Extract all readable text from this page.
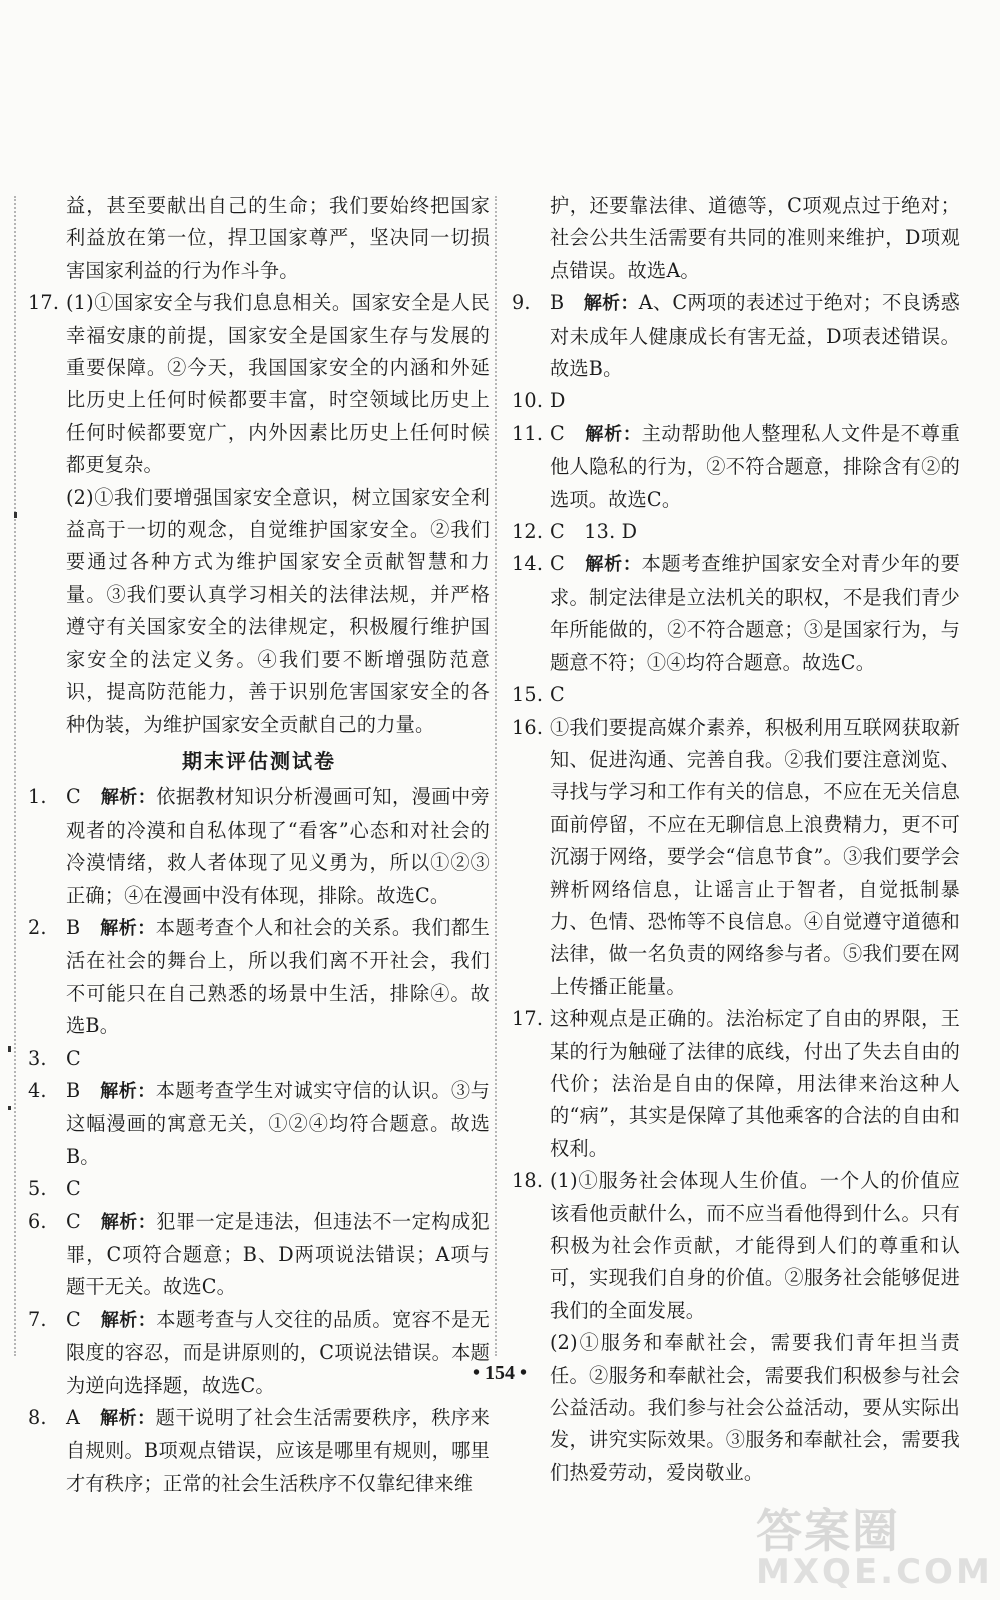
益，甚至要献出自己的生命；我们要始终把国家利益放在第一位，捍卫国家尊严，坚决同一切损害国家利益的行为作斗争。
17. (1)①国家安全与我们息息相关。国家安全是人民幸福安康的前提，国家安全是国家生存与发展的重要保障。②今天，我国国家安全的内涵和外延比历史上任何时候都要丰富，时空领域比历史上任何时候都要宽广，内外因素比历史上任何时候都更复杂。
(2)①我们要增强国家安全意识，树立国家安全利益高于一切的观念，自觉维护国家安全。②我们要通过各种方式为维护国家安全贡献智慧和力量。③我们要认真学习相关的法律法规，并严格遵守有关国家安全的法律规定，积极履行维护国家安全的法定义务。④我们要不断增强防范意识，提高防范能力，善于识别危害国家安全的各种伪装，为维护国家安全贡献自己的力量。
期末评估测试卷
1.	C　 解析：依据教材知识分析漫画可知，漫画中旁观者的冷漠和自私体现了“看客”心态和对社会的冷漠情绪，救人者体现了见义勇为，所以①②③正确；④在漫画中没有体现，排除。故选C。
2.	B　 解析：本题考查个人和社会的关系。我们都生活在社会的舞台上，所以我们离不开社会，我们不可能只在自己熟悉的场景中生活，排除④。故选B。
3.	C
4.	B　 解析：本题考查学生对诚实守信的认识。③与这幅漫画的寓意无关，①②④均符合题意。故选B。
5.	C
6.	C　 解析：犯罪一定是违法，但违法不一定构成犯罪，C项符合题意；B、D两项说法错误；A项与题干无关。故选C。
7.	C　 解析：本题考查与人交往的品质。宽容不是无限度的容忍，而是讲原则的，C项说法错误。本题为逆向选择题，故选C。
8.	A　 解析：题干说明了社会生活需要秩序，秩序来自规则。B项观点错误，应该是哪里有规则，哪里才有秩序；正常的社会生活秩序不仅靠纪律来维
护，还要靠法律、道德等，C项观点过于绝对；社会公共生活需要有共同的准则来维护，D项观点错误。故选A。
9.	B　 解析：A、C两项的表述过于绝对；不良诱惑对未成年人健康成长有害无益，D项表述错误。故选B。
10. D
11. C　 解析：主动帮助他人整理私人文件是不尊重他人隐私的行为，②不符合题意，排除含有②的选项。故选C。
12. C　13. D
14. C　 解析：本题考查维护国家安全对青少年的要求。制定法律是立法机关的职权，不是我们青少年所能做的，②不符合题意；③是国家行为，与题意不符；①④均符合题意。故选C。
15. C
16. ①我们要提高媒介素养，积极利用互联网获取新知、促进沟通、完善自我。②我们要注意浏览、寻找与学习和工作有关的信息，不应在无关信息面前停留，不应在无聊信息上浪费精力，更不可沉溺于网络，要学会“信息节食”。③我们要学会辨析网络信息，让谣言止于智者，自觉抵制暴力、色情、恐怖等不良信息。④自觉遵守道德和法律，做一名负责的网络参与者。⑤我们要在网上传播正能量。
17. 这种观点是正确的。法治标定了自由的界限，王某的行为触碰了法律的底线，付出了失去自由的代价；法治是自由的保障，用法律来治这种人的“病”，其实是保障了其他乘客的合法的自由和权利。
18. (1)①服务社会体现人生价值。一个人的价值应该看他贡献什么，而不应当看他得到什么。只有积极为社会作贡献，才能得到人们的尊重和认可，实现我们自身的价值。②服务社会能够促进我们的全面发展。
(2)①服务和奉献社会，需要我们青年担当责任。②服务和奉献社会，需要我们积极参与社会公益活动。我们参与社会公益活动，要从实际出发，讲究实际效果。③服务和奉献社会，需要我们热爱劳动，爱岗敬业。
• 154 •
答案圈
MXQE.COM
